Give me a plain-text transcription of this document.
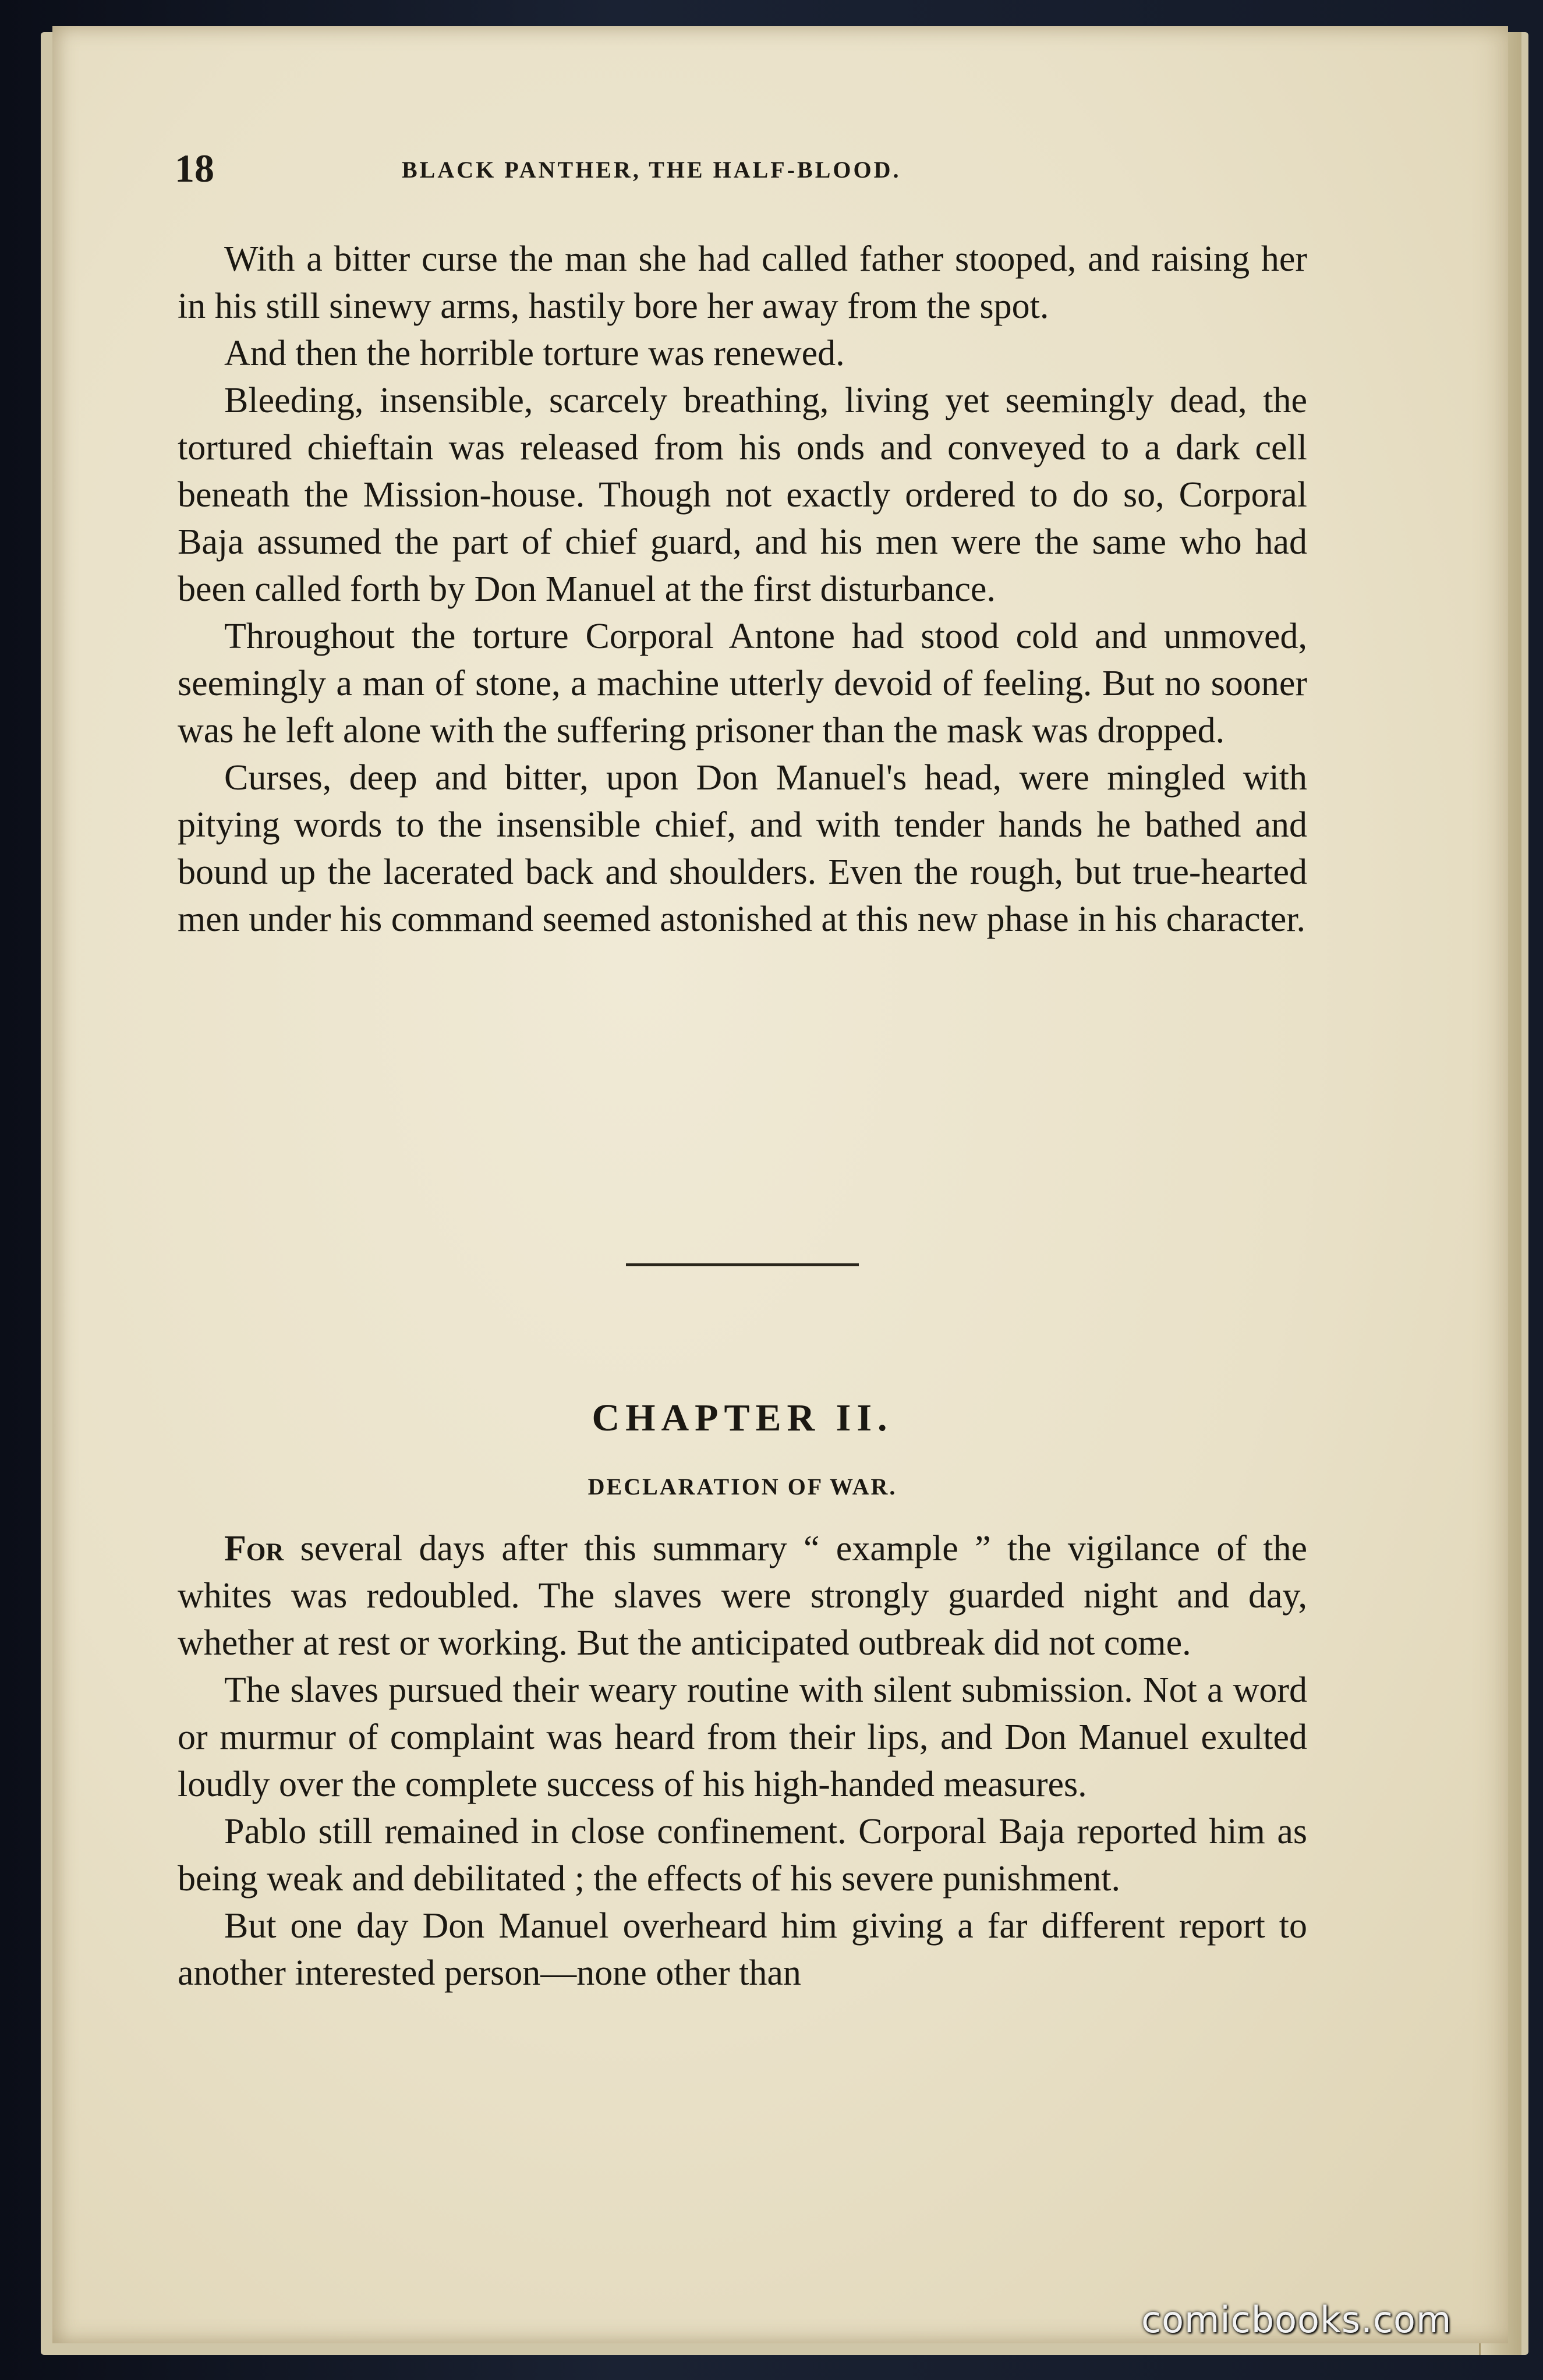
18	BLACK PANTHER, THE HALF-BLOOD.

With a bitter curse the man she had called father stooped, and raising her in his still sinewy arms, hastily bore her away from the spot.

And then the horrible torture was renewed.

Bleeding, insensible, scarcely breathing, living yet seemingly dead, the tortured chieftain was released from his onds and conveyed to a dark cell beneath the Mission-house. Though not exactly ordered to do so, Corporal Baja assumed the part of chief guard, and his men were the same who had been called forth by Don Manuel at the first disturbance.

Throughout the torture Corporal Antone had stood cold and unmoved, seemingly a man of stone, a machine utterly devoid of feeling. But no sooner was he left alone with the suffering prisoner than the mask was dropped.

Curses, deep and bitter, upon Don Manuel's head, were mingled with pitying words to the insensible chief, and with tender hands he bathed and bound up the lacerated back and shoulders. Even the rough, but true-hearted men under his command seemed astonished at this new phase in his character.

CHAPTER II.
DECLARATION OF WAR.

For several days after this summary “ example ” the vigilance of the whites was redoubled. The slaves were strongly guarded night and day, whether at rest or working. But the anticipated outbreak did not come.

The slaves pursued their weary routine with silent submission. Not a word or murmur of complaint was heard from their lips, and Don Manuel exulted loudly over the complete success of his high-handed measures.

Pablo still remained in close confinement. Corporal Baja reported him as being weak and debilitated ; the effects of his severe punishment.

But one day Don Manuel overheard him giving a far different report to another interested person—none other than

comicbooks.com
